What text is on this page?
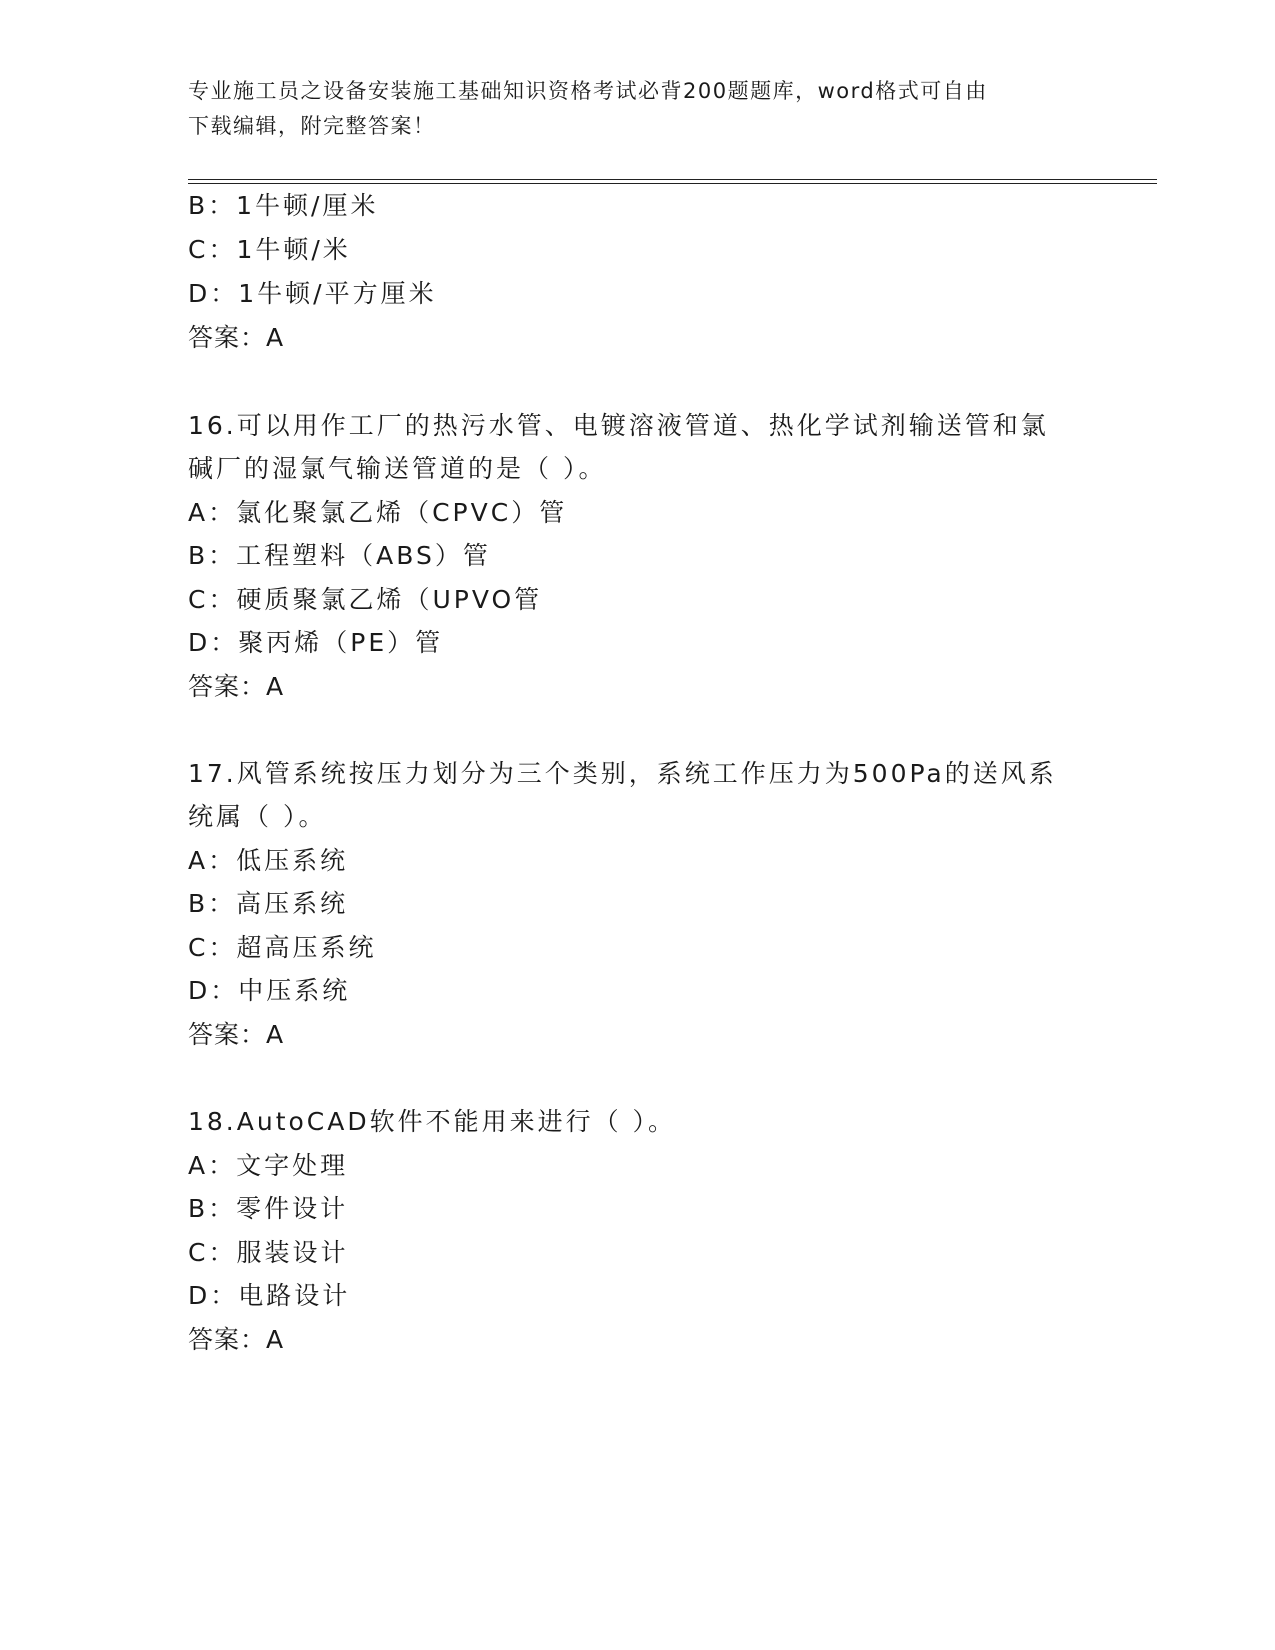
专业施工员之设备安装施工基础知识资格考试必背200题题库，word格式可自由
下载编辑，附完整答案！
B：1牛顿/厘米
C：1牛顿/米
D：1牛顿/平方厘米
答案：A
16.可以用作工厂的热污水管、电镀溶液管道、热化学试剂输送管和氯
碱厂的湿氯气输送管道的是（ ）。
A：氯化聚氯乙烯（CPVC）管
B：工程塑料（ABS）管
C：硬质聚氯乙烯（UPVO管
D：聚丙烯（PE）管
答案：A
17.风管系统按压力划分为三个类别，系统工作压力为500Pa的送风系
统属（ ）。
A：低压系统
B：高压系统
C：超高压系统
D：中压系统
答案：A
18.AutoCAD软件不能用来进行（ ）。
A：文字处理
B：零件设计
C：服装设计
D：电路设计
答案：A
